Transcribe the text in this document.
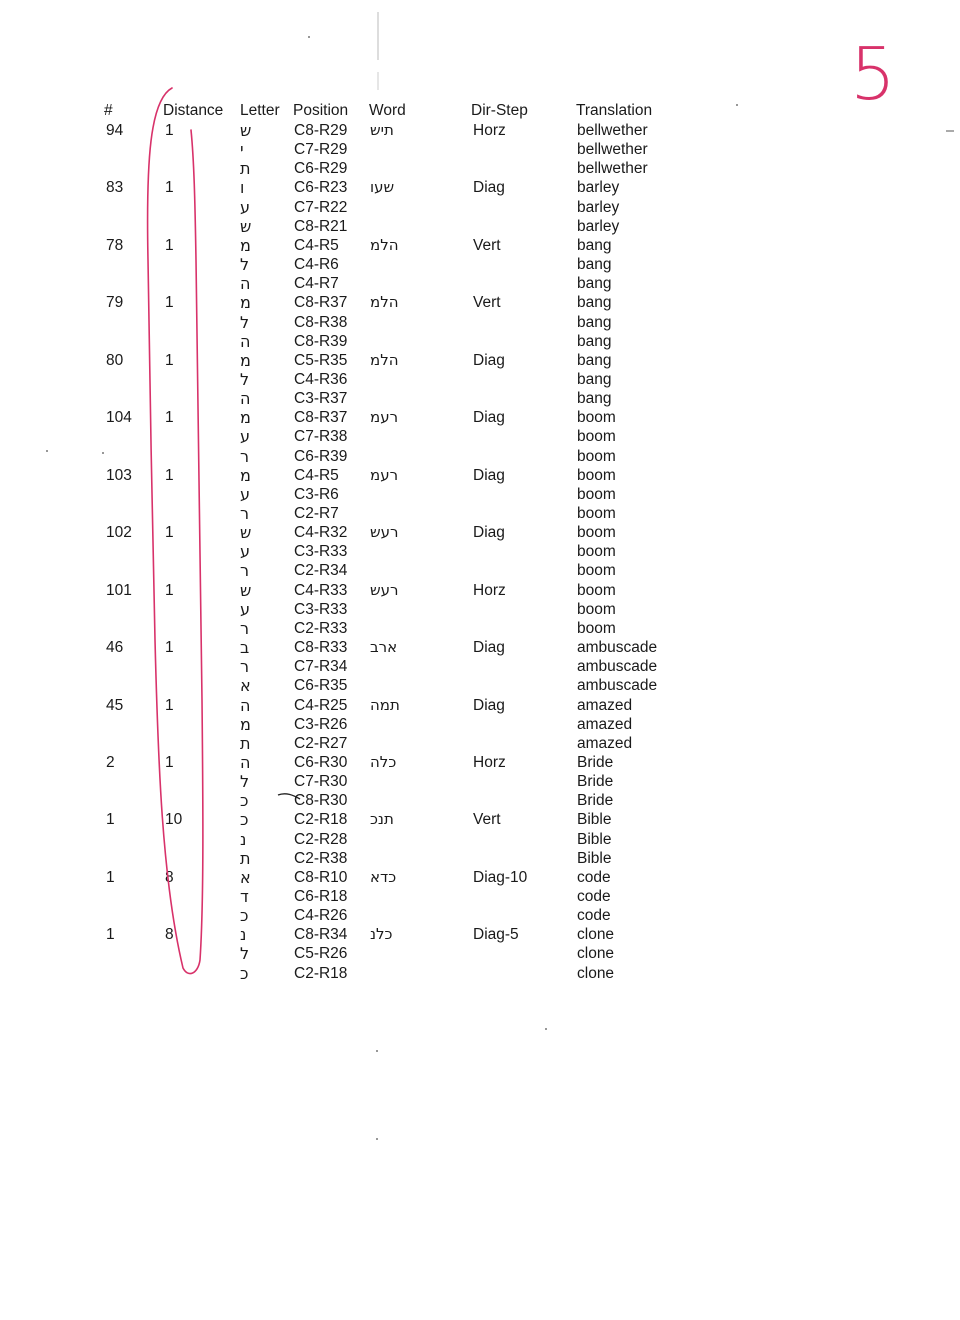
5
#	Distance Letter Position Word	Dir-Step	Translation
94	1	ש	C8-R29 תיש	Horz	bellwether
י	C7-R29	bellwether
ת	C6-R29	bellwether
83	1	ו	C6-R23 שעו	Diag	barley
ע	C7-R22	barley
ש	C8-R21	barley
78	1	מ	C4-R5 הלמ	Vert	bang
ל	C4-R6	bang
ה	C4-R7	bang
79	1	מ	C8-R37 הלמ	Vert	bang
ל	C8-R38	bang
ה	C8-R39	bang
80	1	מ	C5-R35 הלמ	Diag	bang
ל	C4-R36	bang
ה	C3-R37	bang
104 1	מ	C8-R37 רעמ	Diag	boom
ע	C7-R38	boom
ר	C6-R39	boom
103 1	מ	C4-R5 רעמ	Diag	boom
ע	C3-R6	boom
ר	C2-R7	boom
102 1	ש	C4-R32 רעש	Diag	boom
ע	C3-R33	boom
ר	C2-R34	boom
101 1	ש	C4-R33 רעש	Horz	boom
ע	C3-R33	boom
ר	C2-R33	boom
46	1	ב	C8-R33 ארב	Diag	ambuscade
ר	C7-R34	ambuscade
א	C6-R35	ambuscade
45	1	ה	C4-R25 תמה	Diag	amazed
מ	C3-R26	amazed
ת	C2-R27	amazed
2	1	ה	C6-R30 כלה	Horz	Bride
ל	C7-R30	Bride
כ	C8-R30	Bride
1	10	כ	C2-R18 תנכ	Vert	Bible
נ	C2-R28	Bible
ת	C2-R38	Bible
1	8	א	C8-R10 כדא	Diag-10	code
ד	C6-R18	code
כ	C4-R26	code
1	8	נ	C8-R34 כלנ	Diag-5	clone
ל	C5-R26	clone
כ	C2-R18	clone
